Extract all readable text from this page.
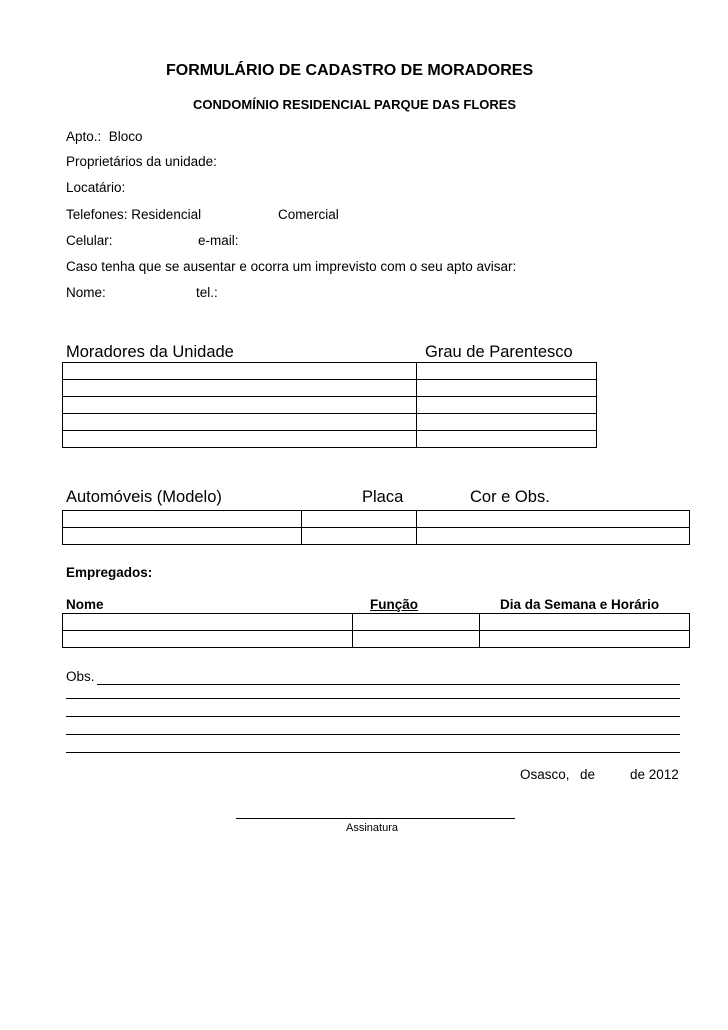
FORMULÁRIO DE CADASTRO DE MORADORES
CONDOMÍNIO RESIDENCIAL PARQUE DAS FLORES
Apto.: Bloco
Proprietários da unidade:
Locatário:
Telefones: Residencial	Comercial
Celular:	e-mail:
Caso tenha que se ausentar e ocorra um imprevisto com o seu apto avisar:
Nome:	tel.:
Moradores da Unidade	Grau de Parentesco

Automóveis (Modelo)	Placa	Cor e Obs.

Empregados:
Nome	Função	Dia da Semana e Horário

Obs.
Osasco, de	de 2012
Assinatura
